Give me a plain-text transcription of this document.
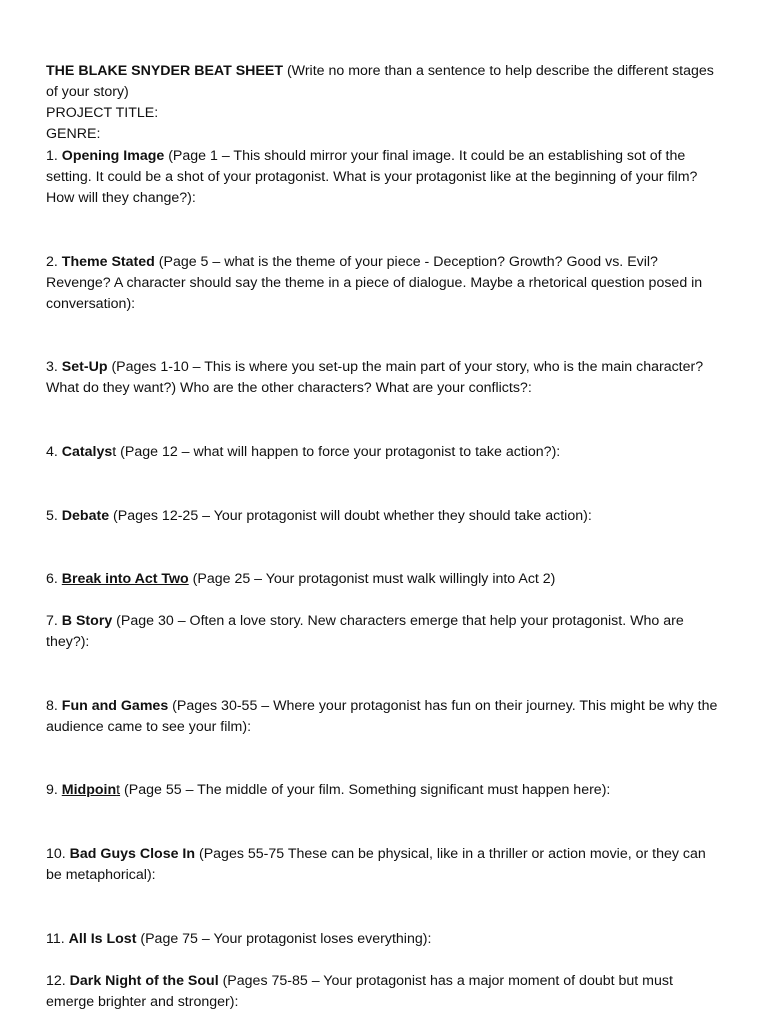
THE BLAKE SNYDER BEAT SHEET (Write no more than a sentence to help describe the different stages of your story)

PROJECT TITLE:

GENRE:

1. Opening Image (Page 1 – This should mirror your final image. It could be an establishing sot of the setting. It could be a shot of your protagonist. What is your protagonist like at the beginning of your film? How will they change?):

2. Theme Stated (Page 5 – what is the theme of your piece - Deception? Growth? Good vs. Evil? Revenge? A character should say the theme in a piece of dialogue. Maybe a rhetorical question posed in conversation):

3. Set-Up (Pages 1-10 – This is where you set-up the main part of your story, who is the main character? What do they want?) Who are the other characters? What are your conflicts?:

4. Catalyst (Page 12 – what will happen to force your protagonist to take action?):

5. Debate (Pages 12-25 – Your protagonist will doubt whether they should take action):

6. Break into Act Two (Page 25 – Your protagonist must walk willingly into Act 2)

7. B Story (Page 30 – Often a love story. New characters emerge that help your protagonist. Who are they?):

8. Fun and Games (Pages 30-55 – Where your protagonist has fun on their journey. This might be why the audience came to see your film):

9. Midpoint (Page 55 – The middle of your film. Something significant must happen here):

10. Bad Guys Close In (Pages 55-75 These can be physical, like in a thriller or action movie, or they can be metaphorical):

11. All Is Lost (Page 75 – Your protagonist loses everything):

12. Dark Night of the Soul (Pages 75-85 – Your protagonist has a major moment of doubt but must emerge brighter and stronger):
